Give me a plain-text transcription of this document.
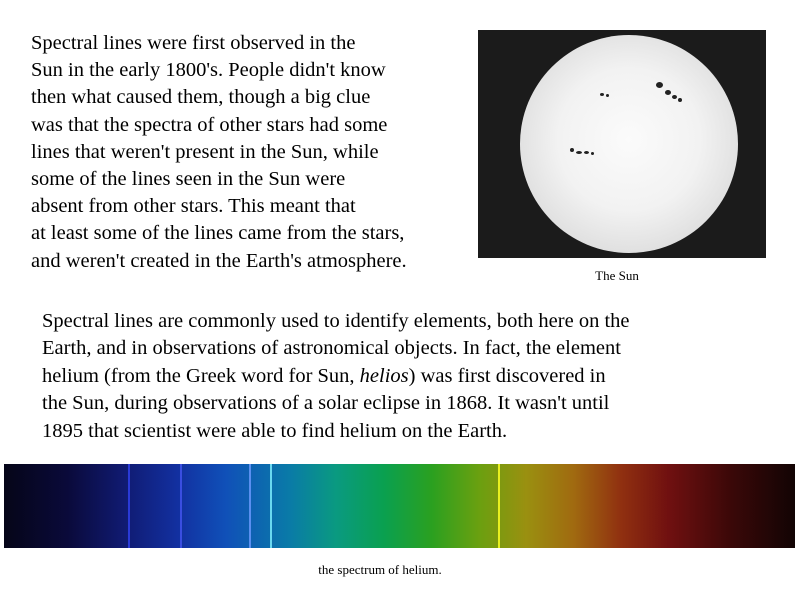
Spectral lines were first observed in the
Sun in the early 1800's. People didn't know
then what caused them, though a big clue
was that the spectra of other stars had some
lines that weren't present in the Sun, while
some of the lines seen in the Sun were
absent from other stars. This meant that
at least some of the lines came from the stars,
and weren't created in the Earth's atmosphere.

The Sun

Spectral lines are commonly used to identify elements, both here on the
Earth, and in observations of astronomical objects. In fact, the element
helium (from the Greek word for Sun, helios) was first discovered in
the Sun, during observations of a solar eclipse in 1868. It wasn't until
1895 that scientist were able to find helium on the Earth.

the spectrum of helium.
